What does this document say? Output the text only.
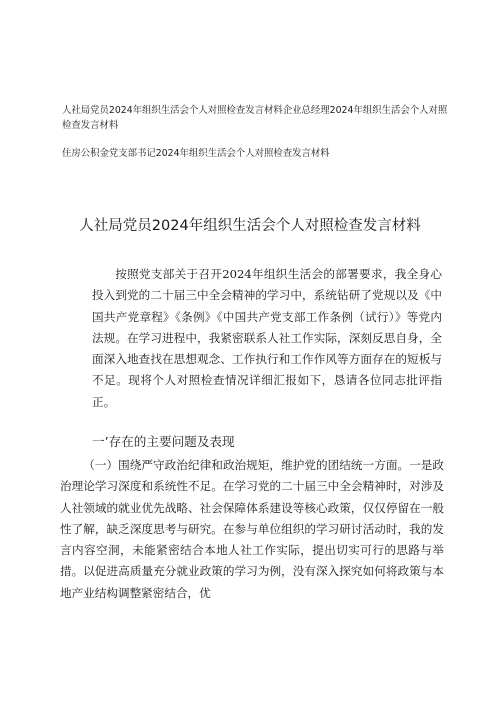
人社局党员2024年组织生活会个人对照检查发言材料企业总经理2024年组织生活会个人对照检查发言材料

住房公积金党支部书记2024年组织生活会个人对照检查发言材料

人社局党员2024年组织生活会个人对照检查发言材料

按照党支部关于召开2024年组织生活会的部署要求，我全身心投入到党的二十届三中全会精神的学习中，系统钻研了党规以及《中国共产党章程》《条例》《中国共产党支部工作条例（试行）》等党内法规。在学习进程中，我紧密联系人社工作实际，深刻反思自身，全面深入地查找在思想观念、工作执行和工作作风等方面存在的短板与不足。现将个人对照检查情况详细汇报如下，恳请各位同志批评指正。

一’存在的主要问题及表现

（一）围绕严守政治纪律和政治规矩，维护党的团结统一方面。一是政治理论学习深度和系统性不足。在学习党的二十届三中全会精神时，对涉及人社领域的就业优先战略、社会保障体系建设等核心政策，仅仅停留在一般性了解，缺乏深度思考与研究。在参与单位组织的学习研讨活动时，我的发言内容空洞，未能紧密结合本地人社工作实际，提出切实可行的思路与举措。以促进高质量充分就业政策的学习为例，没有深入探究如何将政策与本地产业结构调整紧密结合，优
